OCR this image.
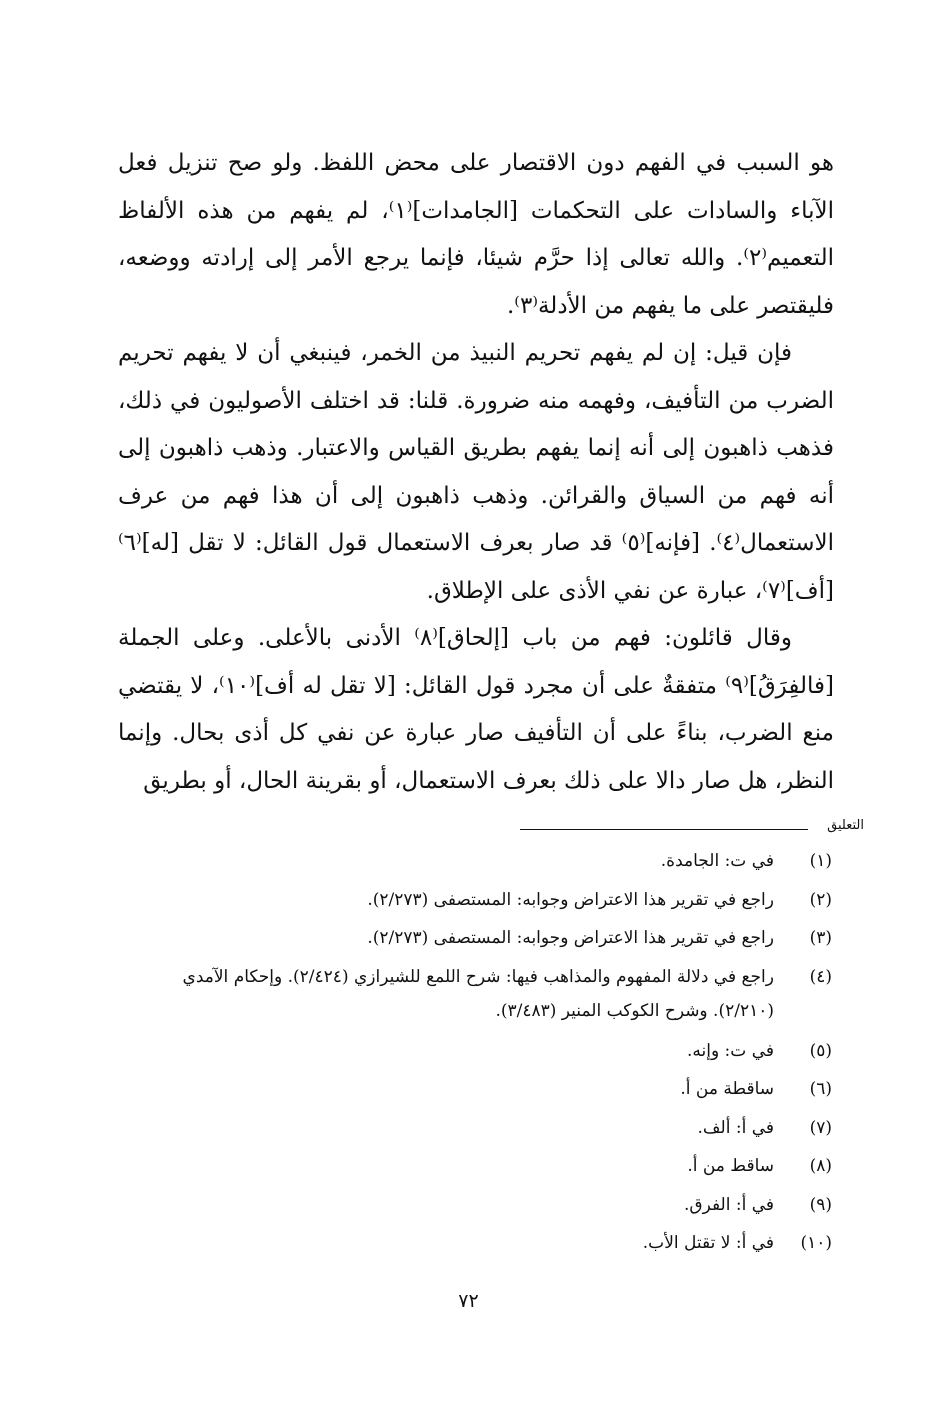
هو السبب في الفهم دون الاقتصار على محض اللفظ. ولو صح تنزيل فعل الآباء والسادات على التحكمات [الجامدات]⁽١⁾، لم يفهم من هذه الألفاظ التعميم⁽٢⁾. والله تعالى إذا حرَّم شيئا، فإنما يرجع الأمر إلى إرادته ووضعه، فليقتصر على ما يفهم من الأدلة⁽٣⁾.

فإن قيل: إن لم يفهم تحريم النبيذ من الخمر، فينبغي أن لا يفهم تحريم الضرب من التأفيف، وفهمه منه ضرورة. قلنا: قد اختلف الأصوليون في ذلك، فذهب ذاهبون إلى أنه إنما يفهم بطريق القياس والاعتبار. وذهب ذاهبون إلى أنه فهم من السياق والقرائن. وذهب ذاهبون إلى أن هذا فهم من عرف الاستعمال⁽٤⁾. [فإنه]⁽٥⁾ قد صار بعرف الاستعمال قول القائل: لا تقل [له]⁽٦⁾ [أف]⁽٧⁾، عبارة عن نفي الأذى على الإطلاق.

وقال قائلون: فهم من باب [إلحاق]⁽٨⁾ الأدنى بالأعلى. وعلى الجملة [فالفِرَقُ]⁽٩⁾ متفقةٌ على أن مجرد قول القائل: [لا تقل له أف]⁽١٠⁾، لا يقتضي منع الضرب، بناءً على أن التأفيف صار عبارة عن نفي كل أذى بحال. وإنما النظر، هل صار دالا على ذلك بعرف الاستعمال، أو بقرينة الحال، أو بطريق

التعليق
(١)
في ت: الجامدة.
(٢)
راجع في تقرير هذا الاعتراض وجوابه: المستصفى (٢/٢٧٣).
(٣)
راجع في تقرير هذا الاعتراض وجوابه: المستصفى (٢/٢٧٣).
(٤)
راجع في دلالة المفهوم والمذاهب فيها: شرح اللمع للشيرازي (٢/٤٢٤). وإحكام الآمدي (٢/٢١٠). وشرح الكوكب المنير (٣/٤٨٣).
(٥)
في ت: وإنه.
(٦)
ساقطة من أ.
(٧)
في أ: ألف.
(٨)
ساقط من أ.
(٩)
في أ: الفرق.
(١٠)
في أ: لا تقتل الأب.
٧٢
